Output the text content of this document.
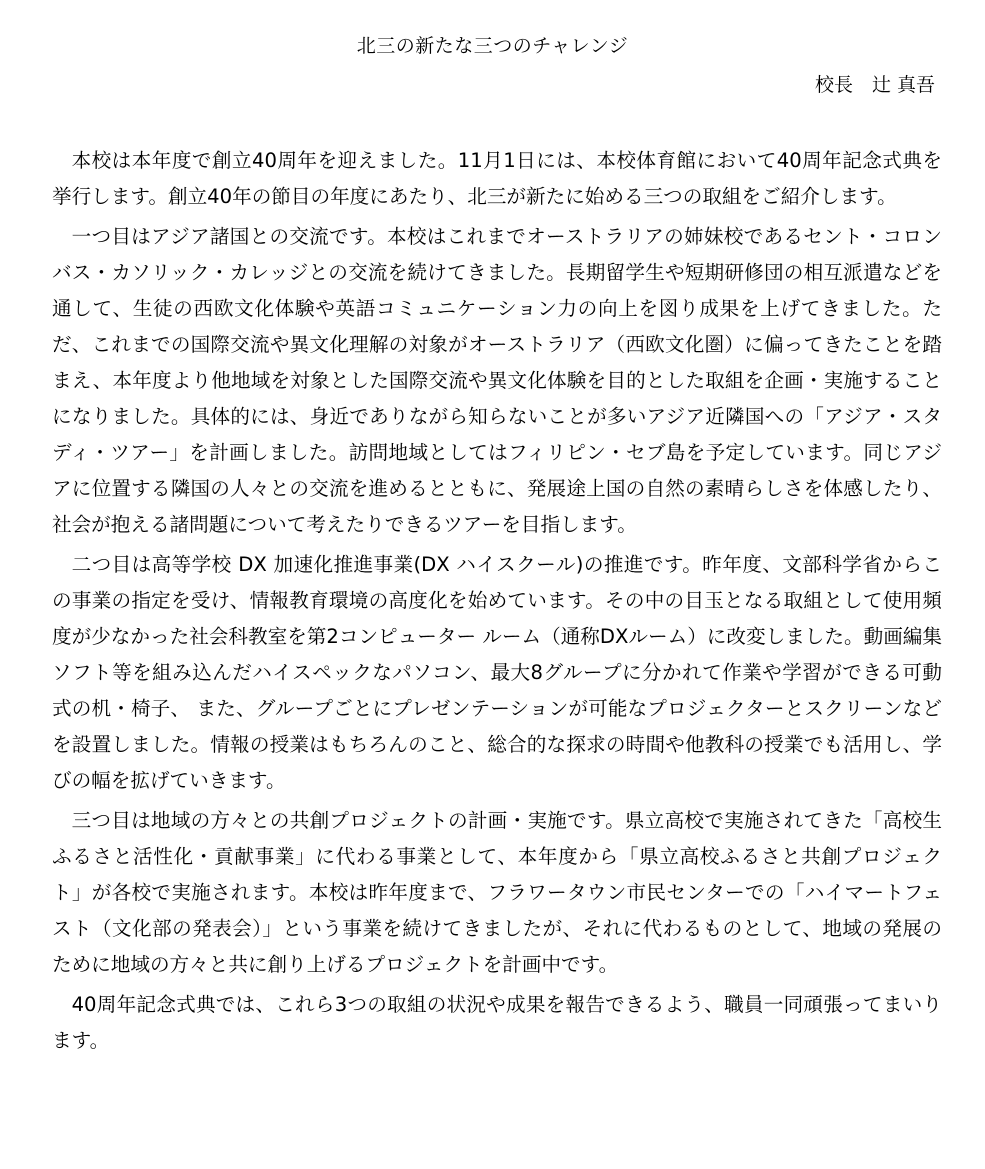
北三の新たな三つのチャレンジ
校長　辻 真吾

本校は本年度で創立40周年を迎えました。11月1日には、本校体育館において40周年記念式典を挙行します。創立40年の節目の年度にあたり、北三が新たに始める三つの取組をご紹介します。

一つ目はアジア諸国との交流です。本校はこれまでオーストラリアの姉妹校であるセント・コロンバス・カソリック・カレッジとの交流を続けてきました。長期留学生や短期研修団の相互派遣などを通して、生徒の西欧文化体験や英語コミュニケーション力の向上を図り成果を上げてきました。ただ、これまでの国際交流や異文化理解の対象がオーストラリア（西欧文化圏）に偏ってきたことを踏まえ、本年度より他地域を対象とした国際交流や異文化体験を目的とした取組を企画・実施することになりました。具体的には、身近でありながら知らないことが多いアジア近隣国への「アジア・スタディ・ツアー」を計画しました。訪問地域としてはフィリピン・セブ島を予定しています。同じアジアに位置する隣国の人々との交流を進めるとともに、発展途上国の自然の素晴らしさを体感したり、社会が抱える諸問題について考えたりできるツアーを目指します。

二つ目は高等学校 DX 加速化推進事業(DX ハイスクール)の推進です。昨年度、文部科学省からこの事業の指定を受け、情報教育環境の高度化を始めています。その中の目玉となる取組として使用頻度が少なかった社会科教室を第2コンピューター ルーム（通称DXルーム）に改変しました。動画編集ソフト等を組み込んだハイスペックなパソコン、最大8グループに分かれて作業や学習ができる可動式の机・椅子、 また、グループごとにプレゼンテーションが可能なプロジェクターとスクリーンなどを設置しました。情報の授業はもちろんのこと、総合的な探求の時間や他教科の授業でも活用し、学びの幅を拡げていきます。

三つ目は地域の方々との共創プロジェクトの計画・実施です。県立高校で実施されてきた「高校生ふるさと活性化・貢献事業」に代わる事業として、本年度から「県立高校ふるさと共創プロジェクト」が各校で実施されます。本校は昨年度まで、フラワータウン市民センターでの「ハイマートフェスト（文化部の発表会）」という事業を続けてきましたが、それに代わるものとして、地域の発展のために地域の方々と共に創り上げるプロジェクトを計画中です。

40周年記念式典では、これら3つの取組の状況や成果を報告できるよう、職員一同頑張ってまいります。
